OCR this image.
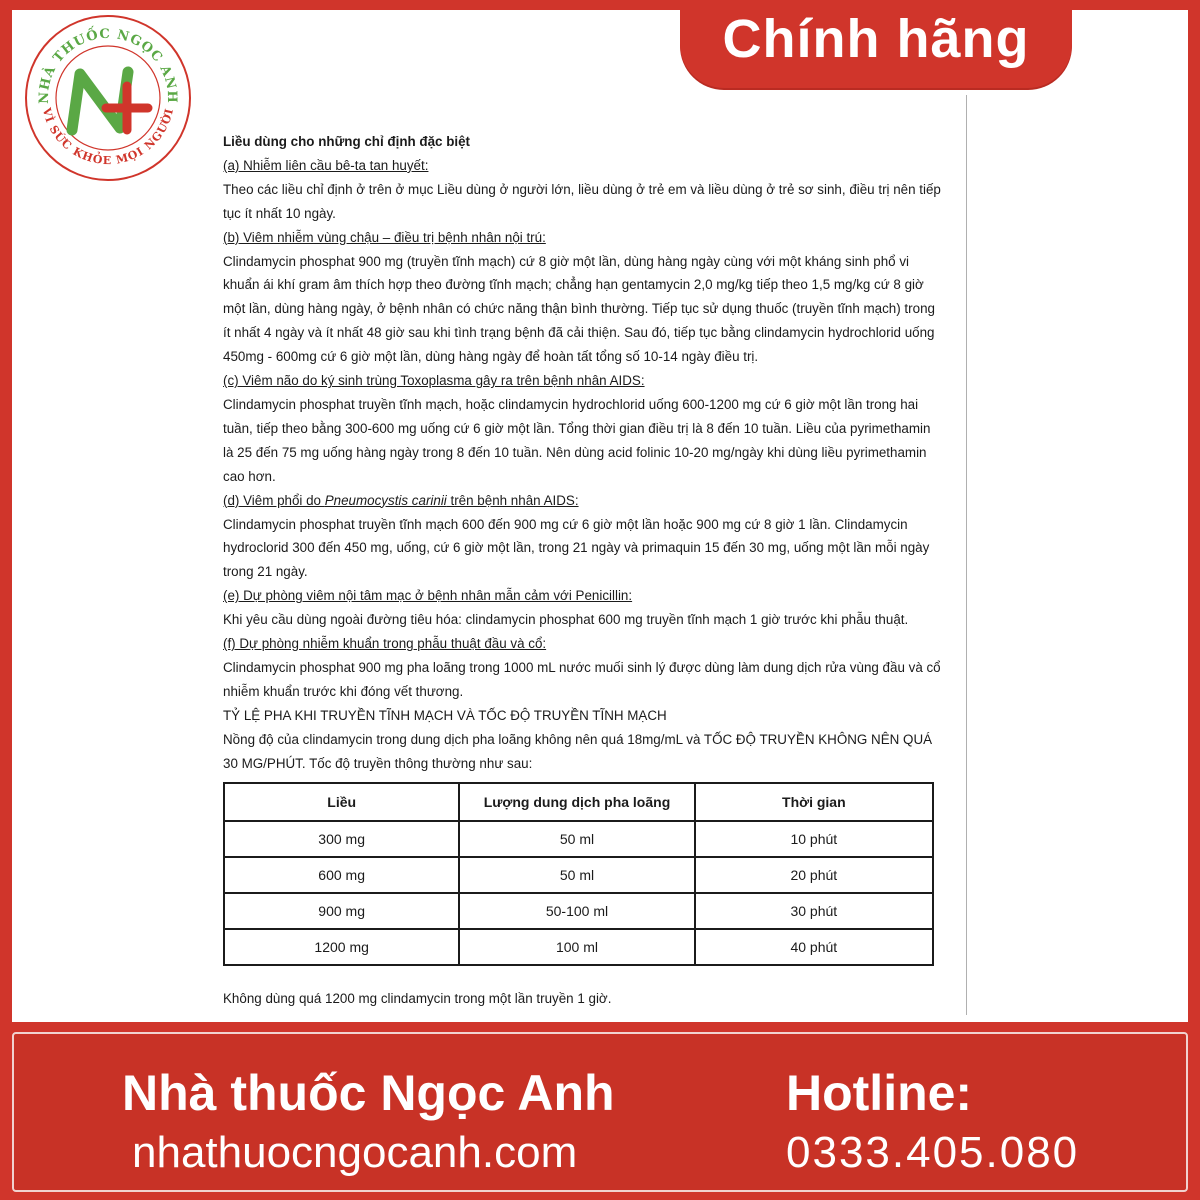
NHÀ THUỐC NGỌC ANH
VÌ SỨC KHỎE MỌI NGƯỜI
Chính hãng

Liều dùng cho những chỉ định đặc biệt

(a) Nhiễm liên cầu bê-ta tan huyết:

Theo các liều chỉ định ở trên ở mục Liều dùng ở người lớn, liều dùng ở trẻ em và liều dùng ở trẻ sơ sinh, điều trị nên tiếp tục ít nhất 10 ngày.

(b) Viêm nhiễm vùng chậu – điều trị bệnh nhân nội trú:

Clindamycin phosphat 900 mg (truyền tĩnh mạch) cứ 8 giờ một lần, dùng hàng ngày cùng với một kháng sinh phổ vi khuẩn ái khí gram âm thích hợp theo đường tĩnh mạch; chẳng hạn gentamycin 2,0 mg/kg tiếp theo 1,5 mg/kg cứ 8 giờ một lần, dùng hàng ngày, ở bệnh nhân có chức năng thận bình thường. Tiếp tục sử dụng thuốc (truyền tĩnh mạch) trong ít nhất 4 ngày và ít nhất 48 giờ sau khi tình trạng bệnh đã cải thiện. Sau đó, tiếp tục bằng clindamycin hydrochlorid uống 450mg - 600mg cứ 6 giờ một lần, dùng hàng ngày để hoàn tất tổng số 10-14 ngày điều trị.

(c) Viêm não do ký sinh trùng Toxoplasma gây ra trên bệnh nhân AIDS:

Clindamycin phosphat truyền tĩnh mạch, hoặc clindamycin hydrochlorid uống 600-1200 mg cứ 6 giờ một lần trong hai tuần, tiếp theo bằng 300-600 mg uống cứ 6 giờ một lần. Tổng thời gian điều trị là 8 đến 10 tuần. Liều của pyrimethamin là 25 đến 75 mg uống hàng ngày trong 8 đến 10 tuần. Nên dùng acid folinic 10-20 mg/ngày khi dùng liều pyrimethamin cao hơn.

(d) Viêm phổi do Pneumocystis carinii trên bệnh nhân AIDS:

Clindamycin phosphat truyền tĩnh mạch 600 đến 900 mg cứ 6 giờ một lần hoặc 900 mg cứ 8 giờ 1 lần. Clindamycin hydroclorid 300 đến 450 mg, uống, cứ 6 giờ một lần, trong 21 ngày và primaquin 15 đến 30 mg, uống một lần mỗi ngày trong 21 ngày.

(e) Dự phòng viêm nội tâm mạc ở bệnh nhân mẫn cảm với Penicillin:

Khi yêu cầu dùng ngoài đường tiêu hóa: clindamycin phosphat 600 mg truyền tĩnh mạch 1 giờ trước khi phẫu thuật.

(f) Dự phòng nhiễm khuẩn trong phẫu thuật đầu và cổ:

Clindamycin phosphat 900 mg pha loãng trong 1000 mL nước muối sinh lý được dùng làm dung dịch rửa vùng đầu và cổ nhiễm khuẩn trước khi đóng vết thương.

TỶ LỆ PHA KHI TRUYỀN TĨNH MẠCH VÀ TỐC ĐỘ TRUYỀN TĨNH MẠCH

Nồng độ của clindamycin trong dung dịch pha loãng không nên quá 18mg/mL và TỐC ĐỘ TRUYỀN KHÔNG NÊN QUÁ 30 MG/PHÚT. Tốc độ truyền thông thường như sau:

Liều	Lượng dung dịch pha loãng	Thời gian
300 mg	50 ml	10 phút
600 mg	50 ml	20 phút
900 mg	50-100 ml	30 phút
1200 mg	100 ml	40 phút
Không dùng quá 1200 mg clindamycin trong một lần truyền 1 giờ.
Nhà thuốc Ngọc Anh
nhathuocngocanh.com
Hotline:
0333.405.080
